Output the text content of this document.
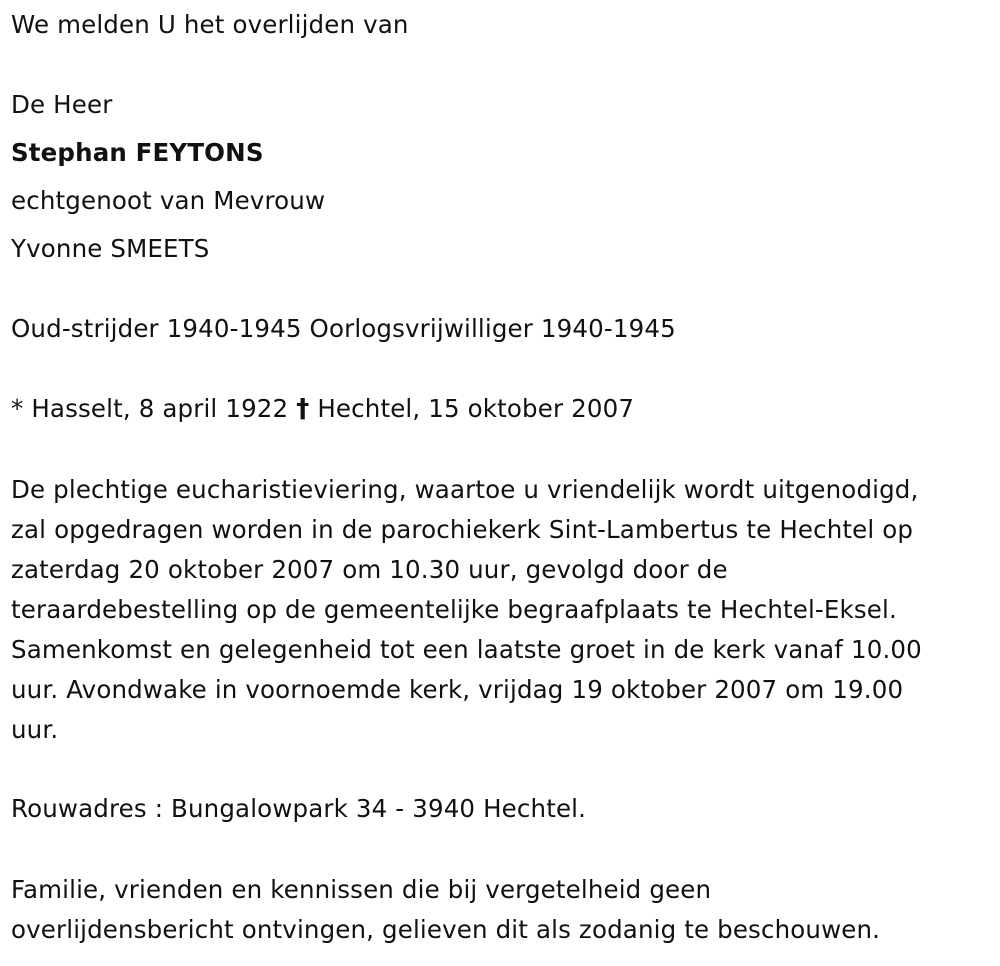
We melden U het overlijden van
De Heer
Stephan FEYTONS
echtgenoot van Mevrouw
Yvonne SMEETS
Oud-strijder 1940-1945 Oorlogsvrijwilliger 1940-1945
* Hasselt, 8 april 1922 † Hechtel, 15 oktober 2007
De plechtige eucharistieviering, waartoe u vriendelijk wordt uitgenodigd,
zal opgedragen worden in de parochiekerk Sint-Lambertus te Hechtel op
zaterdag 20 oktober 2007 om 10.30 uur, gevolgd door de
teraardebestelling op de gemeentelijke begraafplaats te Hechtel-Eksel.
Samenkomst en gelegenheid tot een laatste groet in de kerk vanaf 10.00
uur. Avondwake in voornoemde kerk, vrijdag 19 oktober 2007 om 19.00
uur.
Rouwadres : Bungalowpark 34 - 3940 Hechtel.
Familie, vrienden en kennissen die bij vergetelheid geen
overlijdensbericht ontvingen, gelieven dit als zodanig te beschouwen.
